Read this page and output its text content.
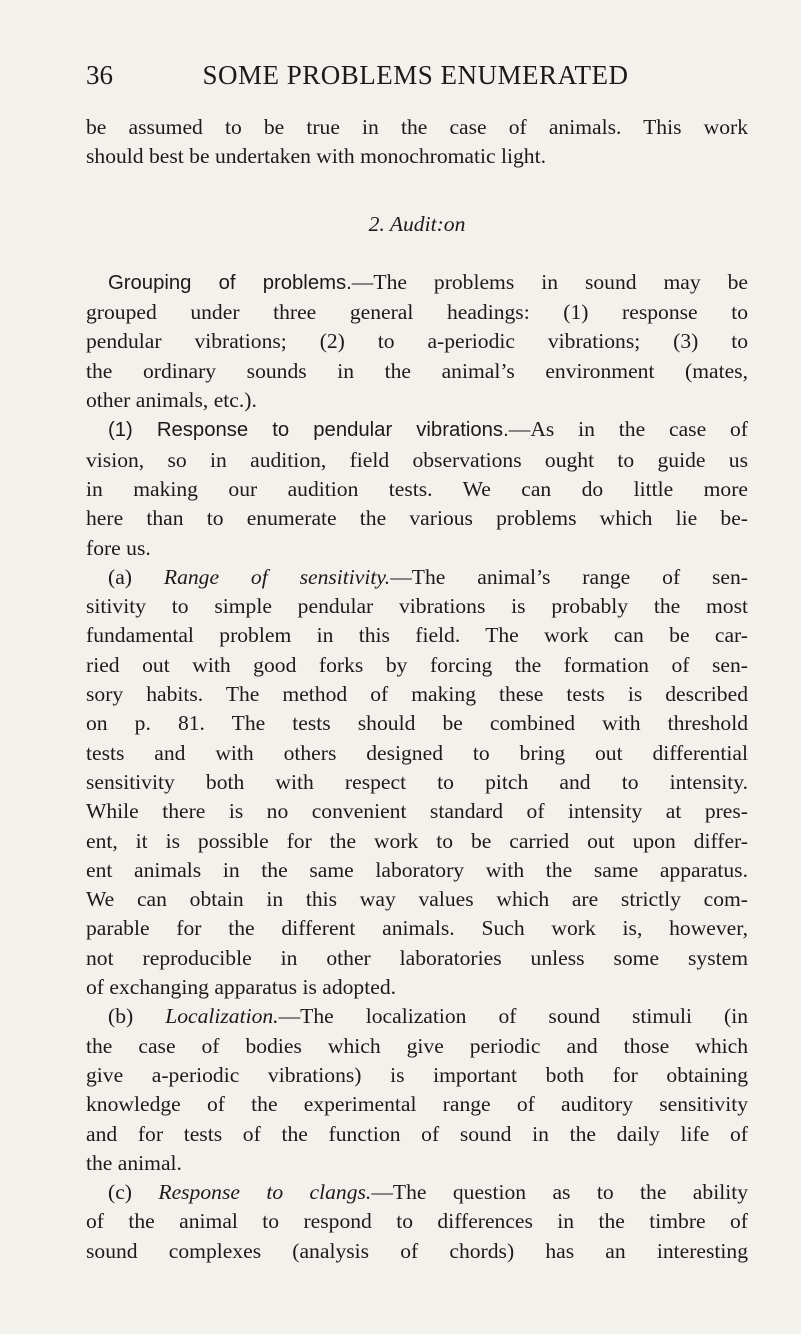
36	SOME PROBLEMS ENUMERATED
be assumed to be true in the case of animals. This work
should best be undertaken with monochromatic light.
2. Audit:on
Grouping of problems.—The problems in sound may be
grouped under three general headings: (1) response to
pendular vibrations; (2) to a-periodic vibrations; (3) to
the ordinary sounds in the animal’s environment (mates,
other animals, etc.).
(1) Response to pendular vibrations.—As in the case of
vision, so in audition, field observations ought to guide us
in making our audition tests. We can do little more
here than to enumerate the various problems which lie be-
fore us.
(a) Range of sensitivity.—The animal’s range of sen-
sitivity to simple pendular vibrations is probably the most
fundamental problem in this field. The work can be car-
ried out with good forks by forcing the formation of sen-
sory habits. The method of making these tests is described
on p. 81. The tests should be combined with threshold
tests and with others designed to bring out differential
sensitivity both with respect to pitch and to intensity.
While there is no convenient standard of intensity at pres-
ent, it is possible for the work to be carried out upon differ-
ent animals in the same laboratory with the same apparatus.
We can obtain in this way values which are strictly com-
parable for the different animals. Such work is, however,
not reproducible in other laboratories unless some system
of exchanging apparatus is adopted.
(b) Localization.—The localization of sound stimuli (in
the case of bodies which give periodic and those which
give a-periodic vibrations) is important both for obtaining
knowledge of the experimental range of auditory sensitivity
and for tests of the function of sound in the daily life of
the animal.
(c) Response to clangs.—The question as to the ability
of the animal to respond to differences in the timbre of
sound complexes (analysis of chords) has an interesting
